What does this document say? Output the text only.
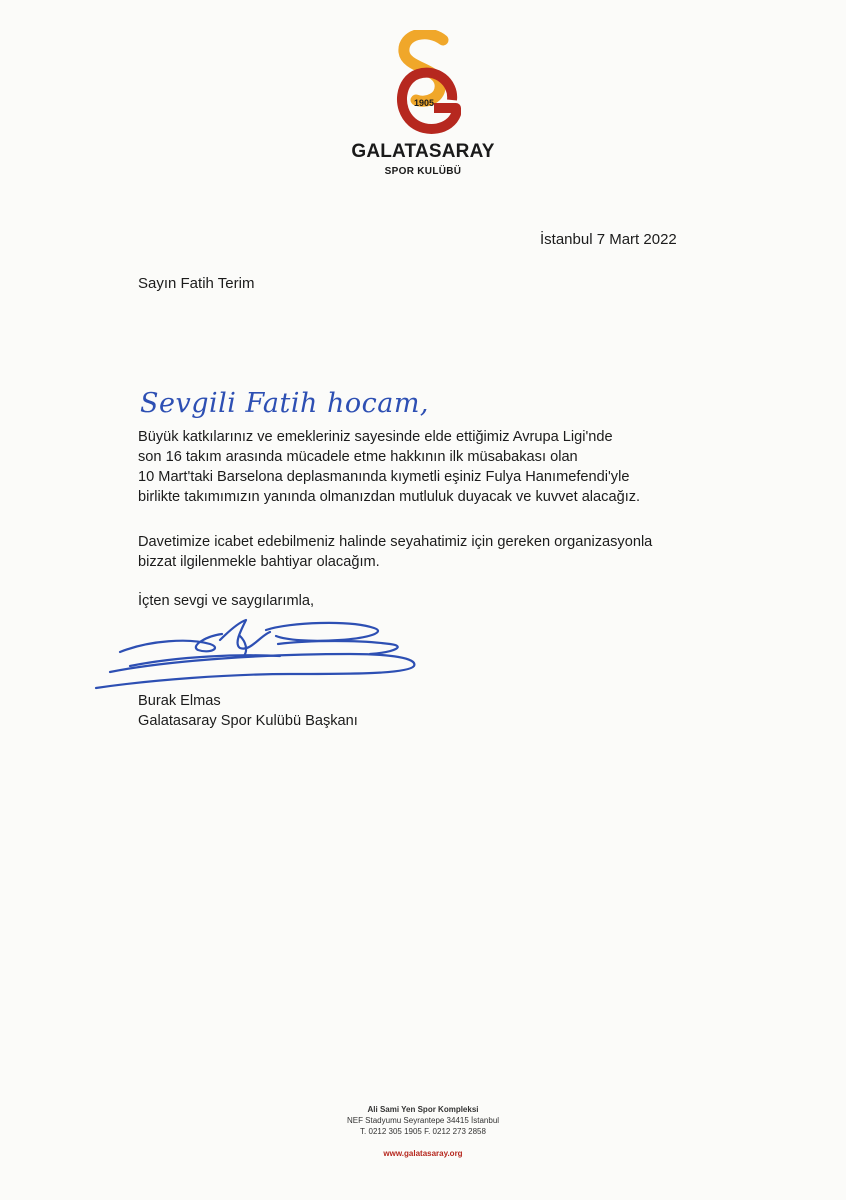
1905
GALATASARAY
SPOR KULÜBÜ
İstanbul 7 Mart 2022
Sayın Fatih Terim
Sevgili Fatih hocam,

Büyük katkılarınız ve emekleriniz sayesinde elde ettiğimiz Avrupa Ligi'nde
son 16 takım arasında mücadele etme hakkının ilk müsabakası olan
10 Mart'taki Barselona deplasmanında kıymetli eşiniz Fulya Hanımefendi'yle
birlikte takımımızın yanında olmanızdan mutluluk duyacak ve kuvvet alacağız.

Davetimize icabet edebilmeniz halinde seyahatimiz için gereken organizasyonla
bizzat ilgilenmekle bahtiyar olacağım.

İçten sevgi ve saygılarımla,
Burak Elmas
Galatasaray Spor Kulübü Başkanı
Ali Sami Yen Spor Kompleksi
NEF Stadyumu Seyrantepe 34415 İstanbul
T. 0212 305 1905 F. 0212 273 2858
www.galatasaray.org
